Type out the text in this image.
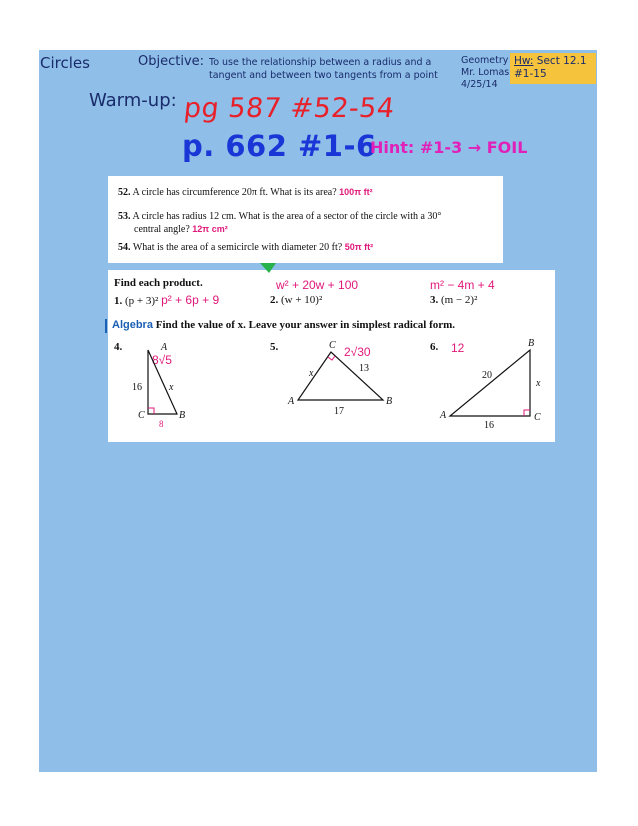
Circles	Objective: To use the relationship between a radius and a tangent and between two tangents from a point
Geometry
Mr. Lomas
4/25/14
Hw: Sect 12.1
#1-15
Warm-up: pg 587 #52-54
p. 662 #1-6
Hint: #1-3 → FOIL
52. A circle has circumference 20π ft. What is its area? 100π ft²
53. A circle has radius 12 cm. What is the area of a sector of the circle with a 30°
central angle? 12π cm²
54. What is the area of a semicircle with diameter 20 ft? 50π ft²
Find each product.	w² + 20w + 100	m² − 4m + 4
1. (p + 3)² p² + 6p + 9	2. (w + 10)²	3. (m − 2)²
Algebra Find the value of x. Leave your answer in simplest radical form.
4.
8√5
A
16	x
C	B
8
5.	2√30
C
x	13
A	B
17
6. 12	B
20
x
A	C
16
